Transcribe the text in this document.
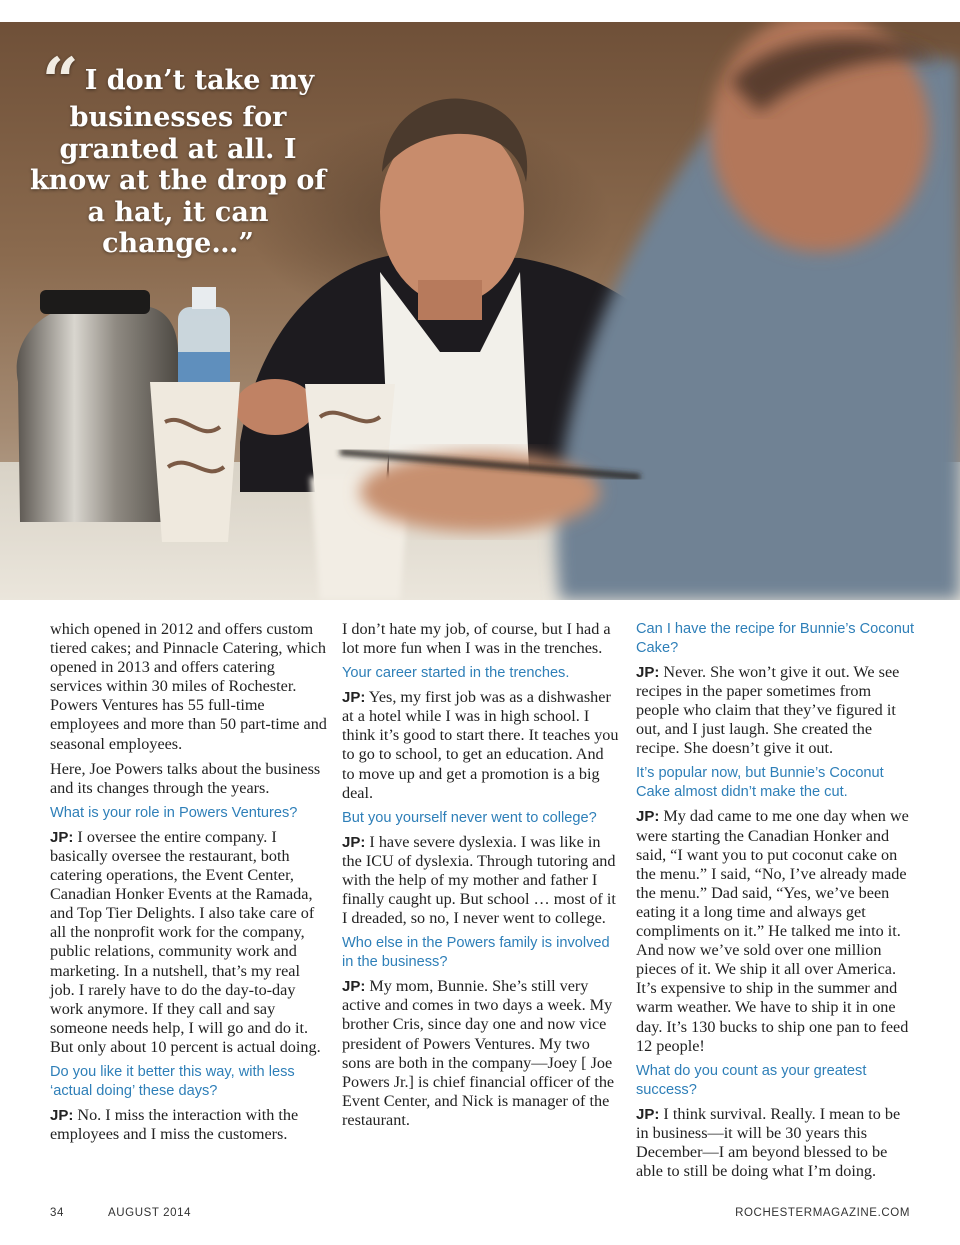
“ I don’t take my businesses for granted at all. I know at the drop of a hat, it can change…”

which opened in 2012 and offers custom tiered cakes; and Pinnacle Catering, which opened in 2013 and offers catering services within 30 miles of Rochester. Powers Ventures has 55 full-time employees and more than 50 part-time and seasonal employees.

Here, Joe Powers talks about the business and its changes through the years.

What is your role in Powers Ventures?

JP: I oversee the entire company. I basically oversee the restaurant, both catering operations, the Event Center, Canadian Honker Events at the Ramada, and Top Tier Delights. I also take care of all the nonprofit work for the company, public relations, community work and marketing. In a nutshell, that’s my real job. I rarely have to do the day-to-day work anymore. If they call and say someone needs help, I will go and do it. But only about 10 percent is actual doing.

Do you like it better this way, with less ‘actual doing’ these days?

JP: No. I miss the interaction with the employees and I miss the customers.

I don’t hate my job, of course, but I had a lot more fun when I was in the trenches.

Your career started in the trenches.

JP: Yes, my first job was as a dishwasher at a hotel while I was in high school. I think it’s good to start there. It teaches you to go to school, to get an education. And to move up and get a promotion is a big deal.

But you yourself never went to college?

JP: I have severe dyslexia. I was like in the ICU of dyslexia. Through tutoring and with the help of my mother and father I finally caught up. But school … most of it I dreaded, so no, I never went to college.

Who else in the Powers family is involved in the business?

JP: My mom, Bunnie. She’s still very active and comes in two days a week. My brother Cris, since day one and now vice president of Powers Ventures. My two sons are both in the company—Joey [ Joe Powers Jr.] is chief financial officer of the Event Center, and Nick is manager of the restaurant.

Can I have the recipe for Bunnie’s Coconut Cake?

JP: Never. She won’t give it out. We see recipes in the paper sometimes from people who claim that they’ve figured it out, and I just laugh. She created the recipe. She doesn’t give it out.

It’s popular now, but Bunnie’s Coconut Cake almost didn’t make the cut.

JP: My dad came to me one day when we were starting the Canadian Honker and said, “I want you to put coconut cake on the menu.” I said, “No, I’ve already made the menu.” Dad said, “Yes, we’ve been eating it a long time and always get compliments on it.” He talked me into it. And now we’ve sold over one million pieces of it. We ship it all over America. It’s expensive to ship in the summer and warm weather. We have to ship it in one day. It’s 130 bucks to ship one pan to feed 12 people!

What do you count as your greatest success?

JP: I think survival. Really. I mean to be in business—it will be 30 years this December—I am beyond blessed to be able to still be doing what I’m doing.

34	AUGUST 2014	ROCHESTERMAGAZINE.COM
